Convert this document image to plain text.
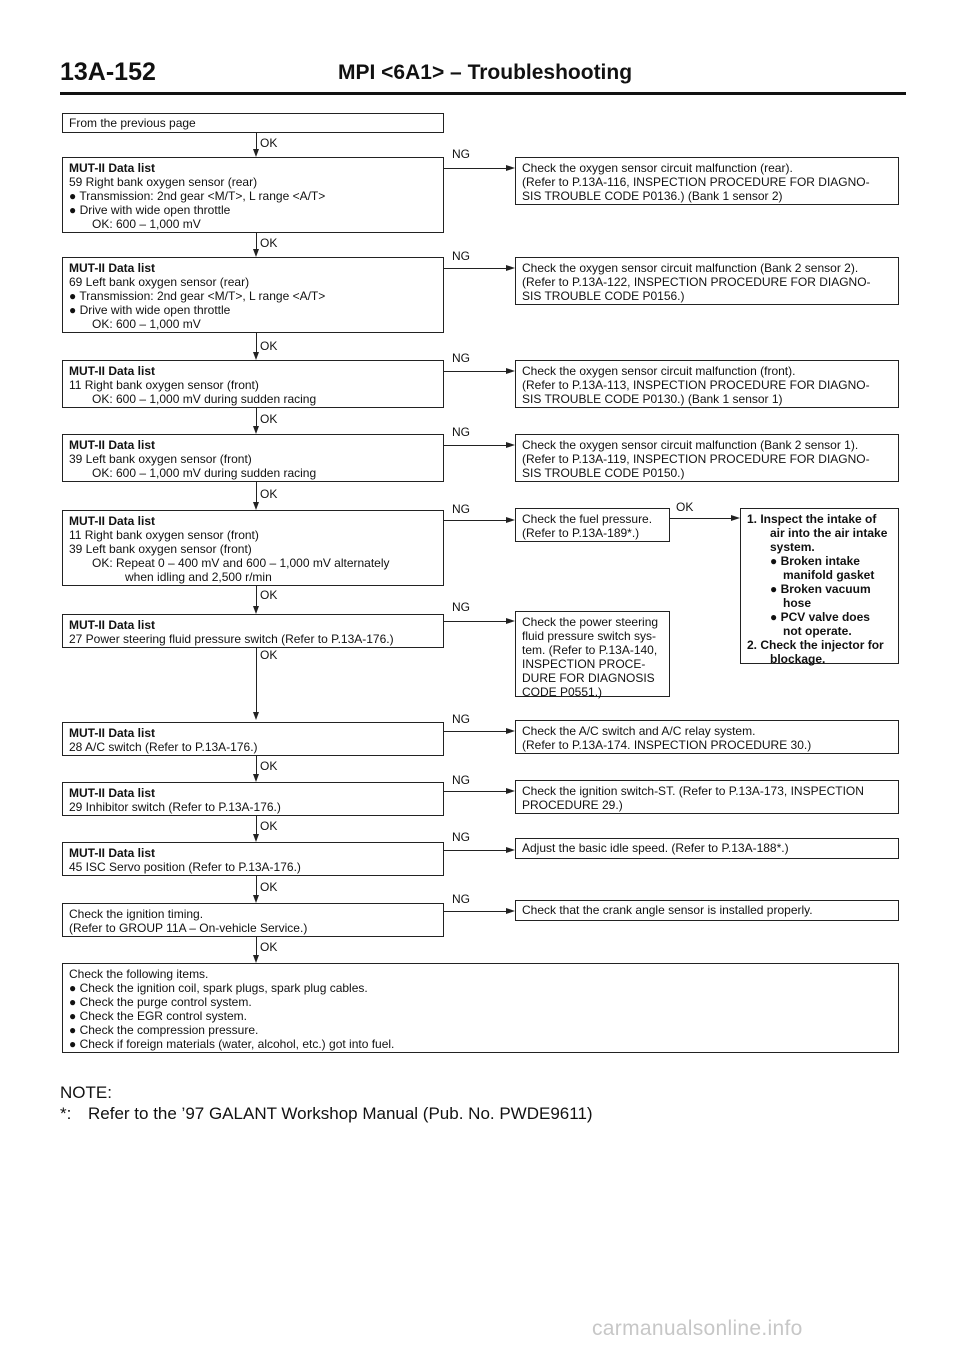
13A-152	MPI <6A1> – Troubleshooting
From the previous page
OK
MUT-II Data list
59 Right bank oxygen sensor (rear)
● Transmission: 2nd gear <M/T>, L range <A/T>
● Drive with wide open throttle
OK: 600 – 1,000 mV
NG
Check the oxygen sensor circuit malfunction (rear).
(Refer to P.13A-116, INSPECTION PROCEDURE FOR DIAGNO-
SIS TROUBLE CODE P0136.) (Bank 1 sensor 2)
OK
MUT-II Data list
69 Left bank oxygen sensor (rear)
● Transmission: 2nd gear <M/T>, L range <A/T>
● Drive with wide open throttle
OK: 600 – 1,000 mV
NG
Check the oxygen sensor circuit malfunction (Bank 2 sensor 2).
(Refer to P.13A-122, INSPECTION PROCEDURE FOR DIAGNO-
SIS TROUBLE CODE P0156.)
OK
MUT-II Data list
11 Right bank oxygen sensor (front)
OK: 600 – 1,000 mV during sudden racing
NG
Check the oxygen sensor circuit malfunction (front).
(Refer to P.13A-113, INSPECTION PROCEDURE FOR DIAGNO-
SIS TROUBLE CODE P0130.) (Bank 1 sensor 1)
OK
MUT-II Data list
39 Left bank oxygen sensor (front)
OK: 600 – 1,000 mV during sudden racing
NG
Check the oxygen sensor circuit malfunction (Bank 2 sensor 1).
(Refer to P.13A-119, INSPECTION PROCEDURE FOR DIAGNO-
SIS TROUBLE CODE P0150.)
OK
MUT-II Data list
11 Right bank oxygen sensor (front)
39 Left bank oxygen sensor (front)
OK: Repeat 0 – 400 mV and 600 – 1,000 mV alternately
when idling and 2,500 r/min
NG
Check the fuel pressure.
(Refer to P.13A-189*.)
OK
1. Inspect the intake of
air into the air intake
system.
● Broken intake
manifold gasket
● Broken vacuum
hose
● PCV valve does
not operate.
2. Check the injector for
blockage.
OK
MUT-II Data list
27 Power steering fluid pressure switch (Refer to P.13A-176.)
NG
Check the power steering
fluid pressure switch sys-
tem. (Refer to P.13A-140,
INSPECTION PROCE-
DURE FOR DIAGNOSIS
CODE P0551.)
OK
MUT-II Data list
28 A/C switch (Refer to P.13A-176.)
NG
Check the A/C switch and A/C relay system.
(Refer to P.13A-174. INSPECTION PROCEDURE 30.)
OK
MUT-II Data list
29 Inhibitor switch (Refer to P.13A-176.)
NG
Check the ignition switch-ST. (Refer to P.13A-173, INSPECTION
PROCEDURE 29.)
OK
MUT-II Data list
45 ISC Servo position (Refer to P.13A-176.)
NG
Adjust the basic idle speed. (Refer to P.13A-188*.)
OK
Check the ignition timing.
(Refer to GROUP 11A – On-vehicle Service.)
NG
Check that the crank angle sensor is installed properly.
OK
Check the following items.
● Check the ignition coil, spark plugs, spark plug cables.
● Check the purge control system.
● Check the EGR control system.
● Check the compression pressure.
● Check if foreign materials (water, alcohol, etc.) got into fuel.
NOTE:
*: Refer to the ’97 GALANT Workshop Manual (Pub. No. PWDE9611)
carmanualsonline.info
